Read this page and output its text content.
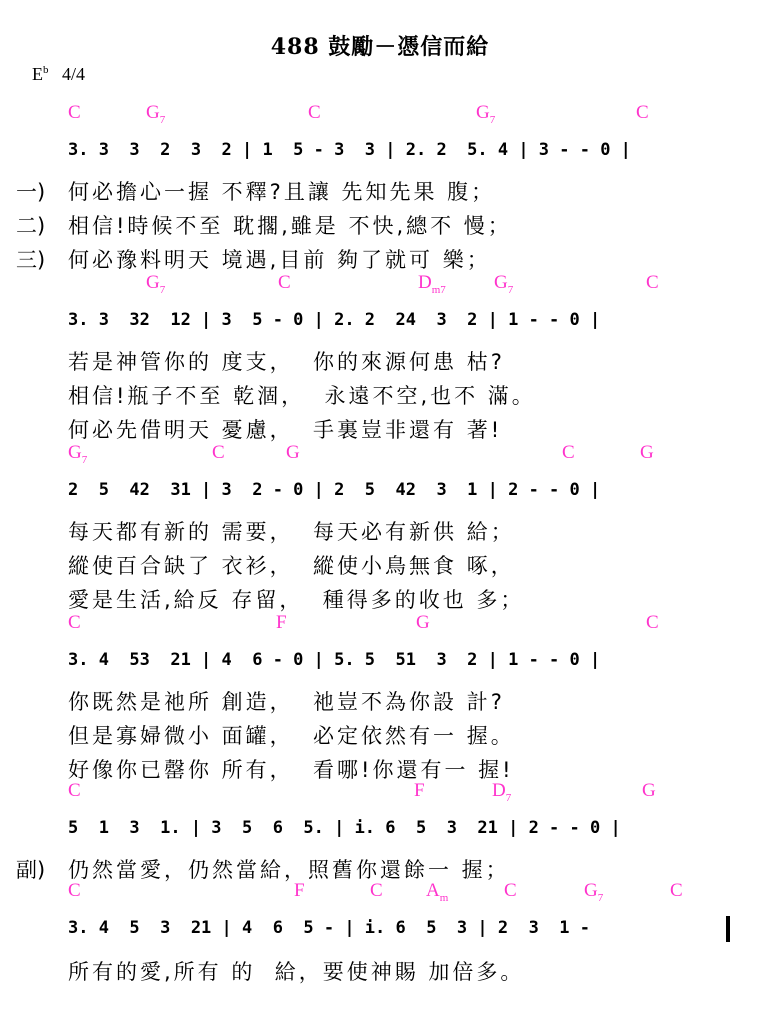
488 鼓勵－憑信而給
$E^b$ 4/4
C	$G_7$	C	$G_7$	C
3. 3  3  2  3  2 | 1  5 - 3  3 | 2. 2  5. 4 | 3 - - 0 |
一) 何必擔心一握 不釋?且讓 先知先果 腹；
二) 相信!時候不至 耽擱,雖是 不快,總不 慢；
三) 何必豫料明天 境遇,目前 夠了就可 樂；
$G_7$	C	$D_{m7}$	$G_7$	C
3. 3  32  12 | 3  5 - 0 | 2. 2  24  3  2 | 1 - - 0 |
若是神管你的 度支，  你的來源何患 枯?
相信!瓶子不至 乾涸，  永遠不空,也不 滿。
何必先借明天 憂慮，  手裏豈非還有 著!
$G_7$	C	G	C	G
2  5  42  31 | 3  2 - 0 | 2  5  42  3  1 | 2 - - 0 |
每天都有新的 需要，  每天必有新供 給；
縱使百合缺了 衣衫，  縱使小鳥無食 啄，
愛是生活,給反 存留，  種得多的收也 多；
C	F	G	C
3. 4  53  21 | 4  6 - 0 | 5. 5  51  3  2 | 1 - - 0 |
你既然是祂所 創造，  祂豈不為你設 計?
但是寡婦微小 面罐，  必定依然有一 握。
好像你已罄你 所有，  看哪!你還有一 握!
C	F	$D_7$	G
5  1  3  1. | 3  5  6  5. | i. 6  5  3  21 | 2 - - 0 |
副) 仍然當愛，仍然當給，照舊你還餘一 握；
C	F	C $A_m$	C	$G_7$	C
3. 4  5  3  21 | 4  6  5 - | i. 6  5  3 | 2  3  1 -
所有的愛,所有 的  給，要使神賜 加倍多。
